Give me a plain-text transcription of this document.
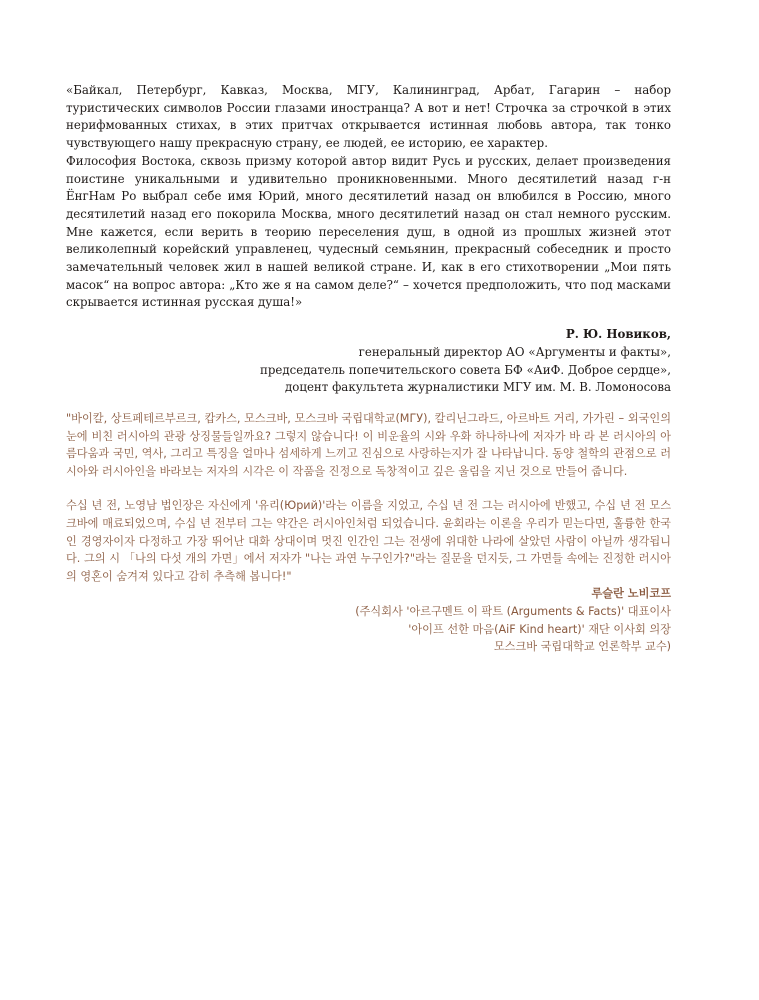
«Байкал, Петербург, Кавказ, Москва, МГУ, Калининград, Арбат, Гагарин – набор туристических символов России глазами иностранца? А вот и нет! Строчка за строчкой в этих нерифмованных стихах, в этих притчах открывается истинная любовь автора, так тонко чувствующего нашу прекрасную страну, ее людей, ее историю, ее характер.

Философия Востока, сквозь призму которой автор видит Русь и русских, делает произведения поистине уникальными и удивительно проникновенными. Много десятилетий назад г-н ЁнгНам Ро выбрал себе имя Юрий, много десятилетий назад он влюбился в Россию, много десятилетий назад его покорила Москва, много десятилетий назад он стал немного русским. Мне кажется, если верить в теорию переселения душ, в одной из прошлых жизней этот великолепный корейский управленец, чудесный семьянин, прекрасный собеседник и просто замечательный человек жил в нашей великой стране. И, как в его стихотворении „Мои пять масок“ на вопрос автора: „Кто же я на самом деле?“ – хочется предположить, что под масками скрывается истинная русская душа!»

Р. Ю. Новиков,
генеральный директор АО «Аргументы и факты»,
председатель попечительского совета БФ «АиФ. Доброе сердце»,
доцент факультета журналистики МГУ им. М. В. Ломоносова

"바이칼, 상트페테르부르크, 캅카스, 모스크바, 모스크바 국립대학교(МГУ), 칼리닌그라드, 아르바트 거리, 가가린 – 외국인의 눈에 비친 러시아의 관광 상징물들일까요? 그렇지 않습니다! 이 비운율의 시와 우화 하나하나에 저자가 바 라 본 러시아의 아름다움과 국민, 역사, 그리고 특징을 얼마나 섬세하게 느끼고 진심으로 사랑하는지가 잘 나타납니다. 동양 철학의 관점으로 러시아와 러시아인을 바라보는 저자의 시각은 이 작품을 진정으로 독창적이고 깊은 울림을 지닌 것으로 만들어 줍니다.

수십 년 전, 노영남 법인장은 자신에게 '유리(Юрий)'라는 이름을 지었고, 수십 년 전 그는 러시아에 반했고, 수십 년 전 모스크바에 매료되었으며, 수십 년 전부터 그는 약간은 러시아인처럼 되었습니다. 윤회라는 이론을 우리가 믿는다면, 훌륭한 한국인 경영자이자 다정하고 가장 뛰어난 대화 상대이며 멋진 인간인 그는 전생에 위대한 나라에 살았던 사람이 아닐까 생각됩니다. 그의 시 「나의 다섯 개의 가면」에서 저자가 "나는 과연 누구인가?"라는 질문을 던지듯, 그 가면들 속에는 진정한 러시아의 영혼이 숨겨져 있다고 감히 추측해 봅니다!"

루슬란 노비코프
(주식회사 '아르구멘트 이 팍트 (Arguments & Facts)' 대표이사
'아이프 선한 마음(AiF Kind heart)' 재단 이사회 의장
모스크바 국립대학교 언론학부 교수)
